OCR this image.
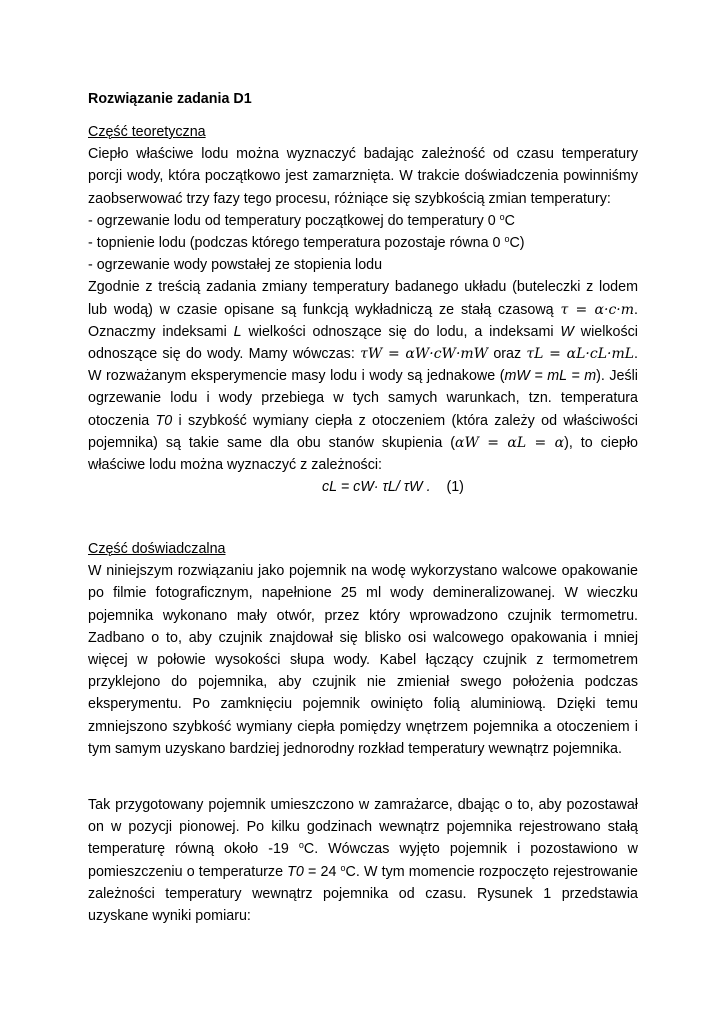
Rozwiązanie zadania D1
Część teoretyczna
Ciepło właściwe lodu można wyznaczyć badając zależność od czasu temperatury porcji wody, która początkowo jest zamarznięta. W trakcie doświadczenia powinniśmy zaobserwować trzy fazy tego procesu, różniące się szybkością zmian temperatury:
- ogrzewanie lodu od temperatury początkowej do temperatury 0 $^o$C
- topnienie lodu (podczas którego temperatura pozostaje równa 0 $^o$C)
- ogrzewanie wody powstałej ze stopienia lodu
Zgodnie z treścią zadania zmiany temperatury badanego układu (buteleczki z lodem lub wodą) w czasie opisane są funkcją wykładniczą ze stałą czasową τ = α·c·m. Oznaczmy indeksami L wielkości odnoszące się do lodu, a indeksami W wielkości odnoszące się do wody. Mamy wówczas: τW = αW·cW·mW oraz τL = αL·cL·mL. W rozważanym eksperymencie masy lodu i wody są jednakowe (mW = mL = m). Jeśli ogrzewanie lodu i wody przebiega w tych samych warunkach, tzn. temperatura otoczenia T0 i szybkość wymiany ciepła z otoczeniem (która zależy od właściwości pojemnika) są takie same dla obu stanów skupienia (αW = αL = α), to ciepło właściwe lodu można wyznaczyć z zależności:
cL = cW· τL/ τW . (1)
Część doświadczalna
W niniejszym rozwiązaniu jako pojemnik na wodę wykorzystano walcowe opakowanie po filmie fotograficznym, napełnione 25 ml wody demineralizowanej. W wieczku pojemnika wykonano mały otwór, przez który wprowadzono czujnik termometru. Zadbano o to, aby czujnik znajdował się blisko osi walcowego opakowania i mniej więcej w połowie wysokości słupa wody. Kabel łączący czujnik z termometrem przyklejono do pojemnika, aby czujnik nie zmieniał swego położenia podczas eksperymentu. Po zamknięciu pojemnik owinięto folią aluminiową. Dzięki temu zmniejszono szybkość wymiany ciepła pomiędzy wnętrzem pojemnika a otoczeniem i tym samym uzyskano bardziej jednorodny rozkład temperatury wewnątrz pojemnika.
Tak przygotowany pojemnik umieszczono w zamrażarce, dbając o to, aby pozostawał on w pozycji pionowej. Po kilku godzinach wewnątrz pojemnika rejestrowano stałą temperaturę równą około -19 $^o$C. Wówczas wyjęto pojemnik i pozostawiono w pomieszczeniu o temperaturze T0 = 24 $^o$C. W tym momencie rozpoczęto rejestrowanie zależności temperatury wewnątrz pojemnika od czasu. Rysunek 1 przedstawia uzyskane wyniki pomiaru:
